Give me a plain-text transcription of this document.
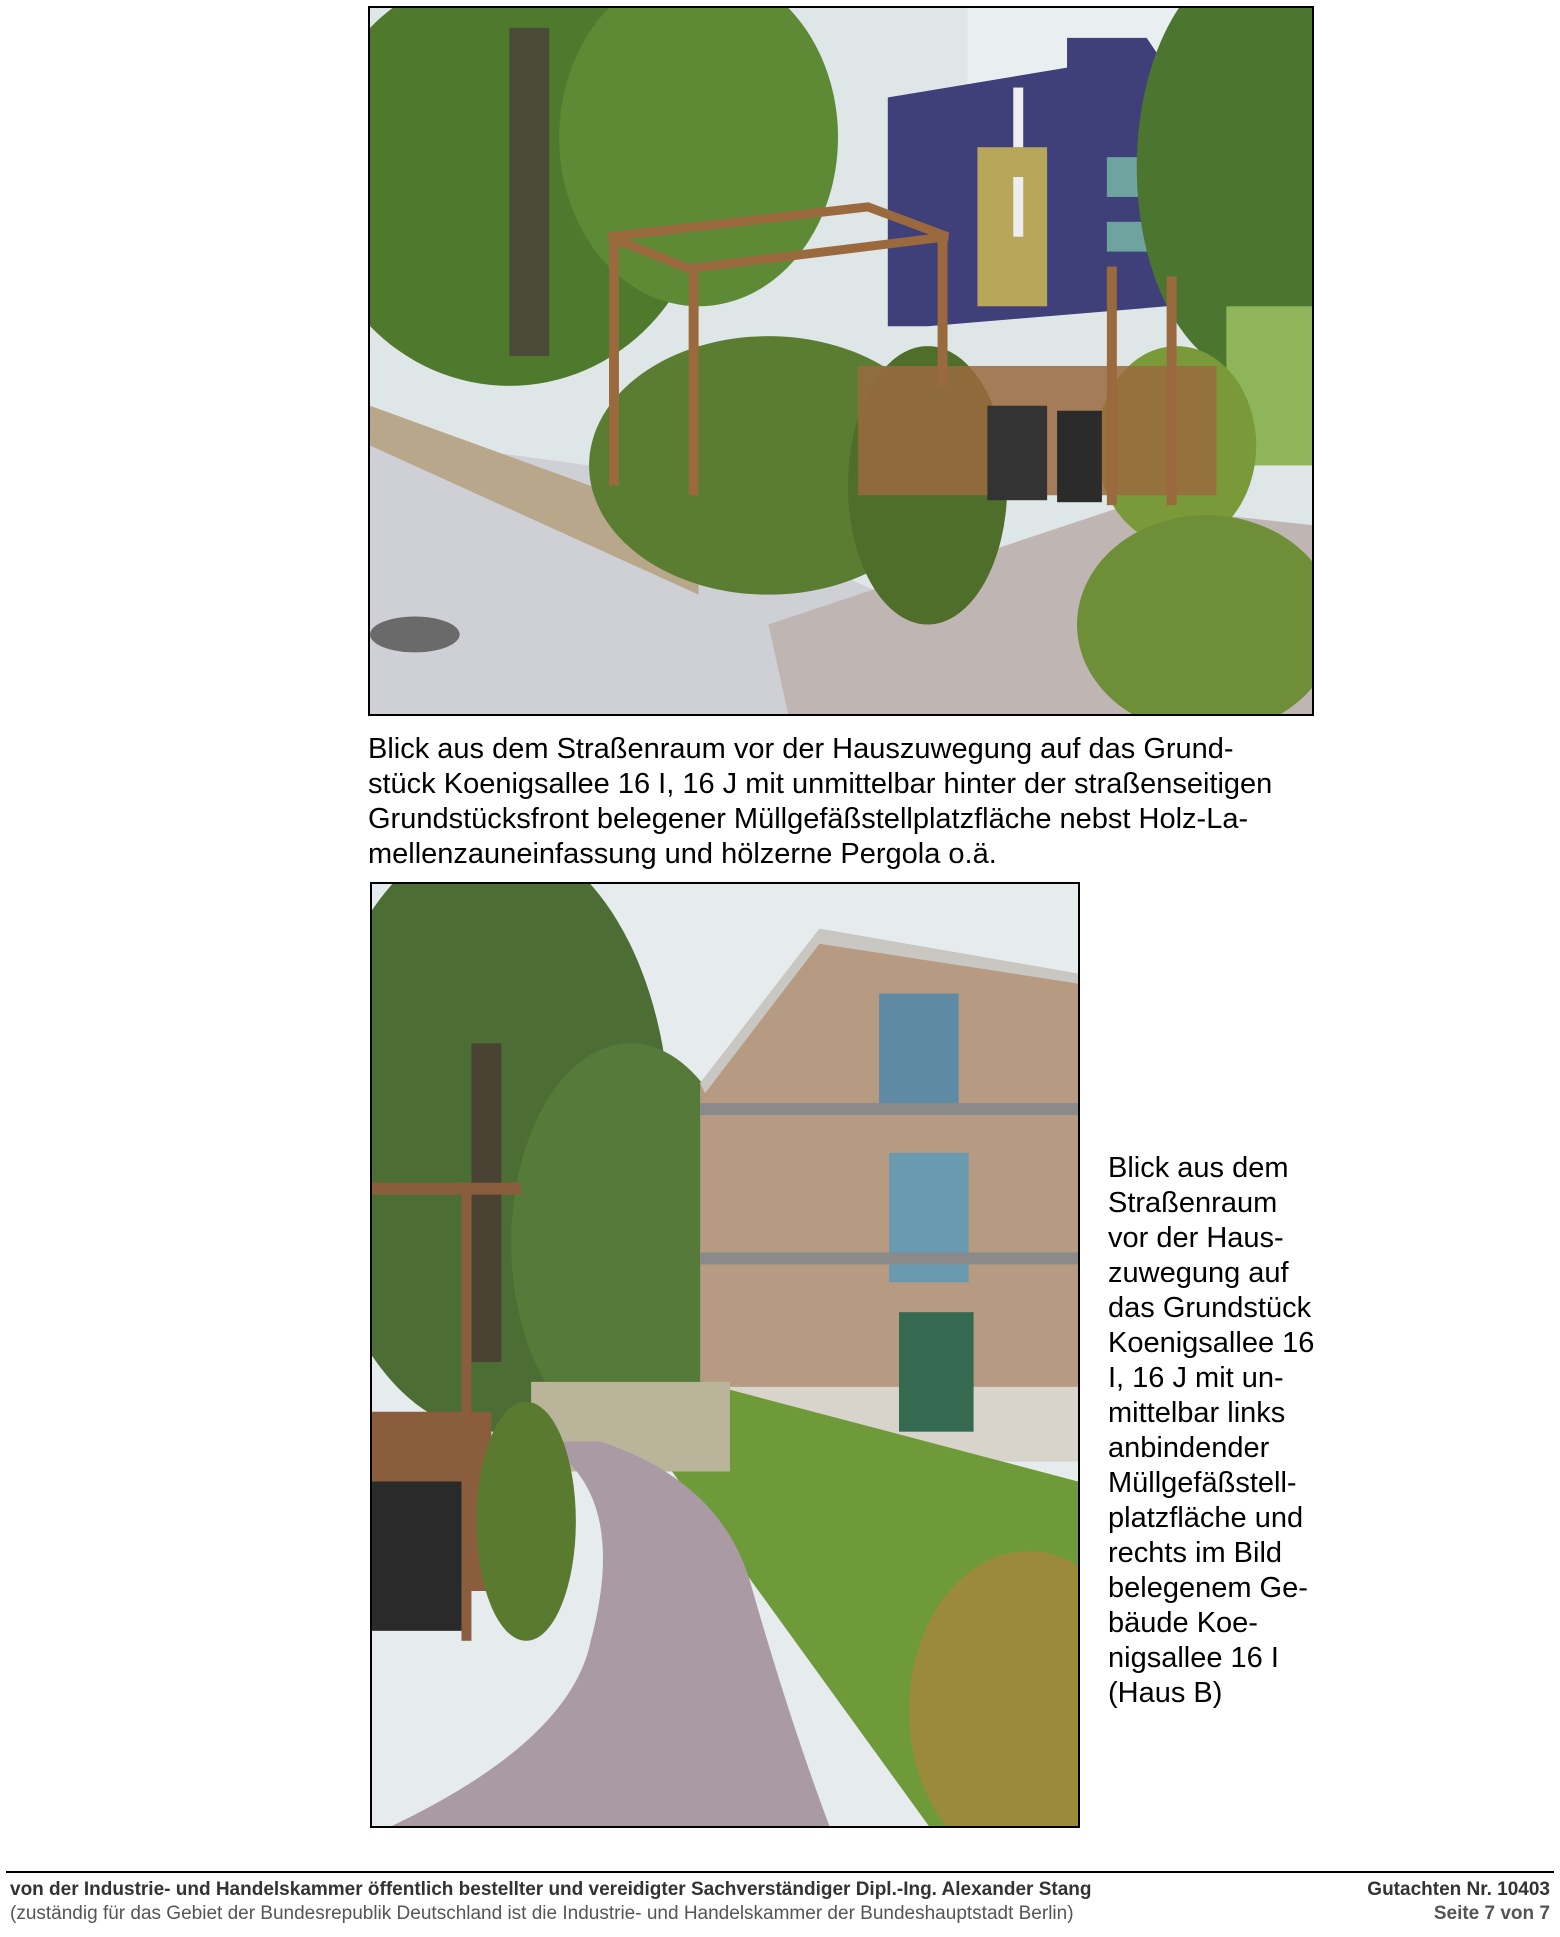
Blick aus dem Straßenraum vor der Hauszuwegung auf das Grund-
stück Koenigsallee 16 I, 16 J mit unmittelbar hinter der straßenseitigen
Grundstücksfront belegener Müllgefäßstellplatzfläche nebst Holz-La-
mellenzauneinfassung und hölzerne Pergola o.ä.
Blick aus dem
Straßenraum
vor der Haus-
zuwegung auf
das Grundstück
Koenigsallee 16
I, 16 J mit un-
mittelbar links
anbindender
Müllgefäßstell-
platzfläche und
rechts im Bild
belegenem Ge-
bäude Koe-
nigsallee 16 I
(Haus B)
von der Industrie- und Handelskammer öffentlich bestellter und vereidigter Sachverständiger Dipl.-Ing. Alexander Stang
(zuständig für das Gebiet der Bundesrepublik Deutschland ist die Industrie- und Handelskammer der Bundeshauptstadt Berlin)
Gutachten Nr. 10403
Seite 7 von 7
